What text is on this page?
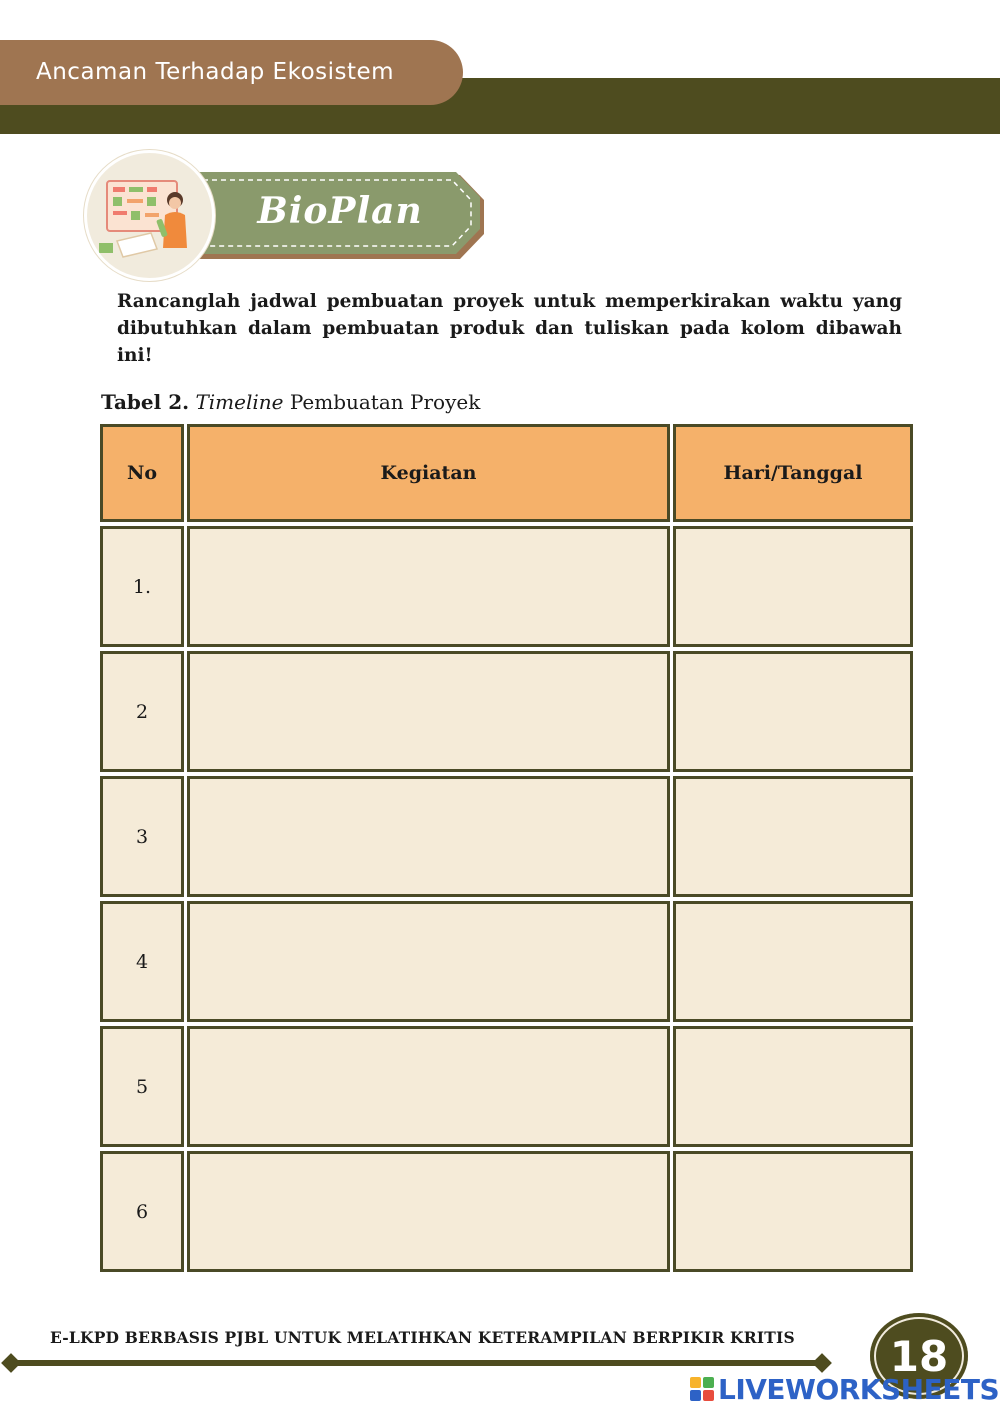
Ancaman Terhadap Ekosistem
BioPlan

Rancanglah jadwal pembuatan proyek untuk memperkirakan waktu yang dibutuhkan dalam pembuatan produk dan tuliskan pada kolom dibawah ini!

Tabel 2. Timeline Pembuatan Proyek
No	Kegiatan	Hari/Tanggal
1.
2
3
4
5
6
E-LKPD BERBASIS PJBL UNTUK MELATIHKAN KETERAMPILAN BERPIKIR KRITIS	18
LIVEWORKSHEETS
